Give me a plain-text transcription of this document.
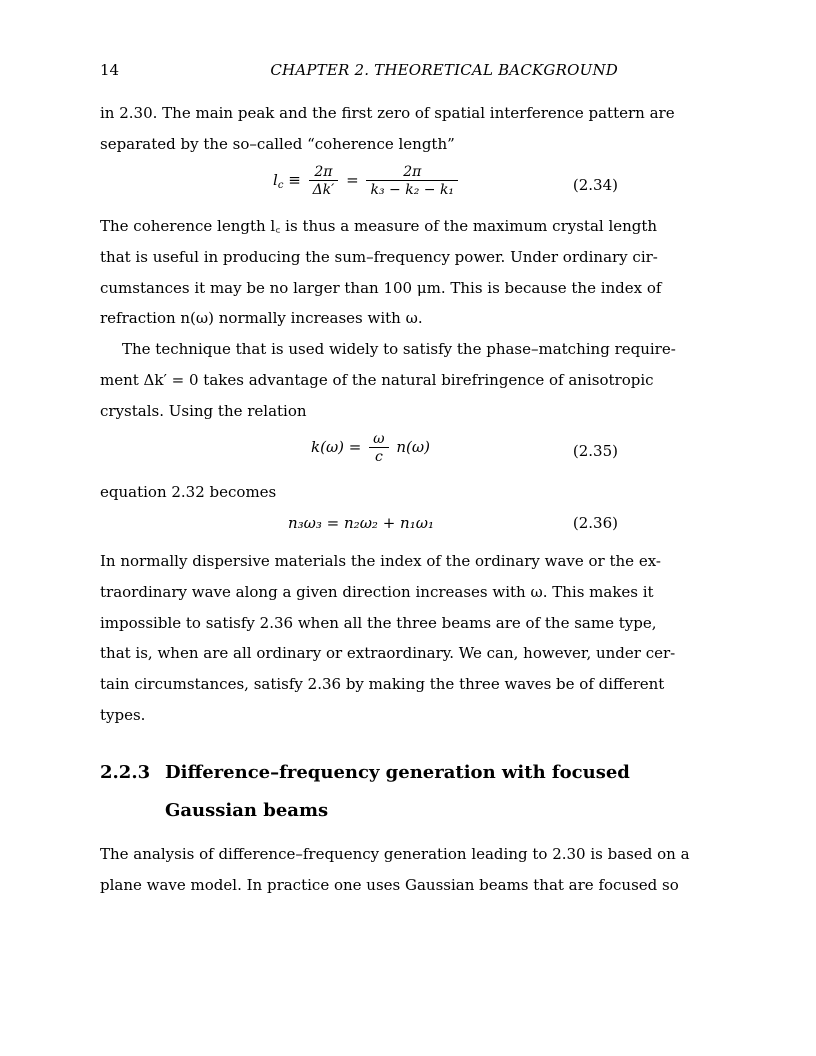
14	CHAPTER 2. THEORETICAL BACKGROUND
in 2.30. The main peak and the first zero of spatial interference pattern are
separated by the so–called “coherence length”
$l_c \equiv \frac{2\pi}{\Delta k'} = \frac{2\pi}{\text{k₃ − k₂ − k₁}}$	(2.34)
The coherence length l꜀ is thus a measure of the maximum crystal length
that is useful in producing the sum–frequency power. Under ordinary cir-
cumstances it may be no larger than 100 μm. This is because the index of
refraction n(ω) normally increases with ω.
The technique that is used widely to satisfy the phase–matching require-
ment Δk′ = 0 takes advantage of the natural birefringence of anisotropic
crystals. Using the relation
$k(\omega) = \frac{\omega}{c} n(\omega)$	(2.35)
equation 2.32 becomes
n₃ω₃ = n₂ω₂ + n₁ω₁	(2.36)
In normally dispersive materials the index of the ordinary wave or the ex-
traordinary wave along a given direction increases with ω. This makes it
impossible to satisfy 2.36 when all the three beams are of the same type,
that is, when are all ordinary or extraordinary. We can, however, under cer-
tain circumstances, satisfy 2.36 by making the three waves be of different
types.
2.2.3 Difference–frequency generation with focused
Gaussian beams
The analysis of difference–frequency generation leading to 2.30 is based on a
plane wave model. In practice one uses Gaussian beams that are focused so
